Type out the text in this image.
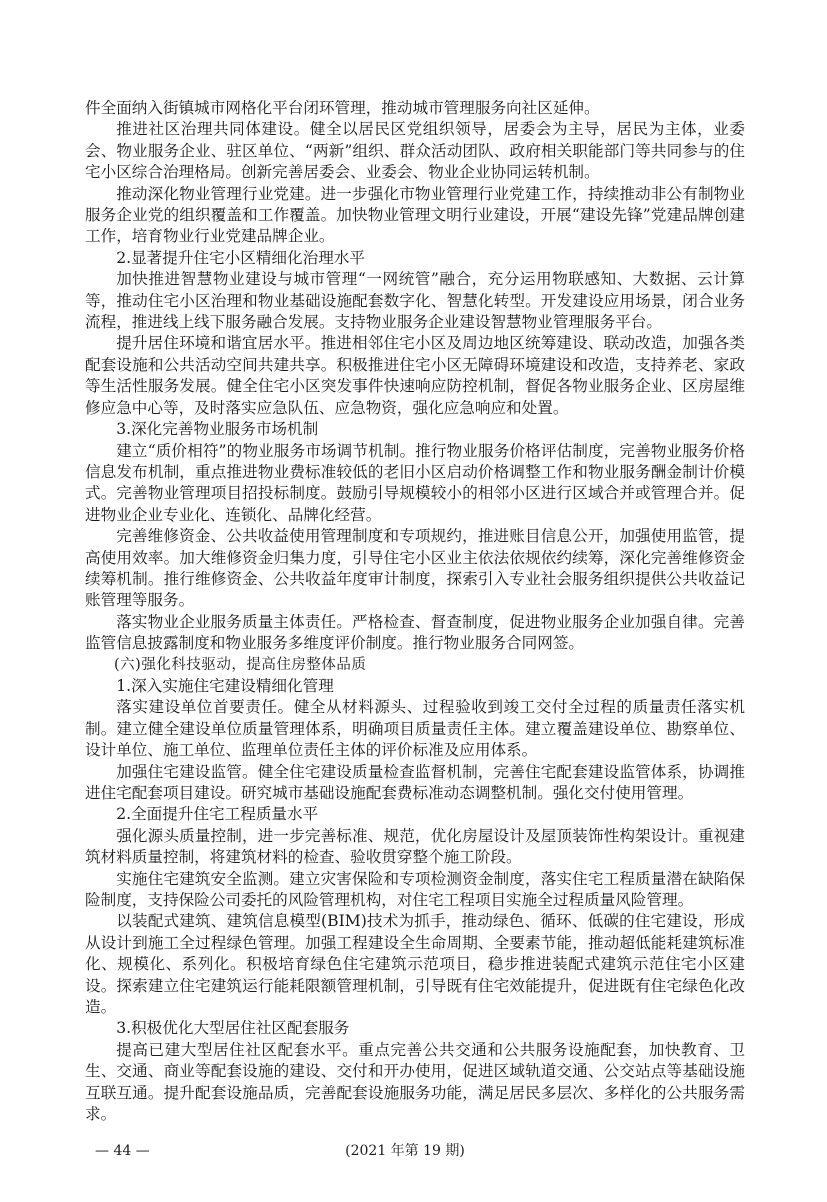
件全面纳入街镇城市网格化平台闭环管理，推动城市管理服务向社区延伸。

推进社区治理共同体建设。健全以居民区党组织领导，居委会为主导，居民为主体，业委会、物业服务企业、驻区单位、“两新”组织、群众活动团队、政府相关职能部门等共同参与的住宅小区综合治理格局。创新完善居委会、业委会、物业企业协同运转机制。

推动深化物业管理行业党建。进一步强化市物业管理行业党建工作，持续推动非公有制物业服务企业党的组织覆盖和工作覆盖。加快物业管理文明行业建设，开展“建设先锋”党建品牌创建工作，培育物业行业党建品牌企业。

2.显著提升住宅小区精细化治理水平

加快推进智慧物业建设与城市管理“一网统管”融合，充分运用物联感知、大数据、云计算等，推动住宅小区治理和物业基础设施配套数字化、智慧化转型。开发建设应用场景，闭合业务流程，推进线上线下服务融合发展。支持物业服务企业建设智慧物业管理服务平台。

提升居住环境和谐宜居水平。推进相邻住宅小区及周边地区统筹建设、联动改造，加强各类配套设施和公共活动空间共建共享。积极推进住宅小区无障碍环境建设和改造，支持养老、家政等生活性服务发展。健全住宅小区突发事件快速响应防控机制，督促各物业服务企业、区房屋维修应急中心等，及时落实应急队伍、应急物资，强化应急响应和处置。

3.深化完善物业服务市场机制

建立“质价相符”的物业服务市场调节机制。推行物业服务价格评估制度，完善物业服务价格信息发布机制，重点推进物业费标准较低的老旧小区启动价格调整工作和物业服务酬金制计价模式。完善物业管理项目招投标制度。鼓励引导规模较小的相邻小区进行区域合并或管理合并。促进物业企业专业化、连锁化、品牌化经营。

完善维修资金、公共收益使用管理制度和专项规约，推进账目信息公开，加强使用监管，提高使用效率。加大维修资金归集力度，引导住宅小区业主依法依规依约续筹，深化完善维修资金续筹机制。推行维修资金、公共收益年度审计制度，探索引入专业社会服务组织提供公共收益记账管理等服务。

落实物业企业服务质量主体责任。严格检查、督查制度，促进物业服务企业加强自律。完善监管信息披露制度和物业服务多维度评价制度。推行物业服务合同网签。

(六)强化科技驱动，提高住房整体品质

1.深入实施住宅建设精细化管理

落实建设单位首要责任。健全从材料源头、过程验收到竣工交付全过程的质量责任落实机制。建立健全建设单位质量管理体系，明确项目质量责任主体。建立覆盖建设单位、勘察单位、设计单位、施工单位、监理单位责任主体的评价标准及应用体系。

加强住宅建设监管。健全住宅建设质量检查监督机制，完善住宅配套建设监管体系，协调推进住宅配套项目建设。研究城市基础设施配套费标准动态调整机制。强化交付使用管理。

2.全面提升住宅工程质量水平

强化源头质量控制，进一步完善标准、规范，优化房屋设计及屋顶装饰性构架设计。重视建筑材料质量控制，将建筑材料的检查、验收贯穿整个施工阶段。

实施住宅建筑安全监测。建立灾害保险和专项检测资金制度，落实住宅工程质量潜在缺陷保险制度，支持保险公司委托的风险管理机构，对住宅工程项目实施全过程质量风险管理。

以装配式建筑、建筑信息模型(BIM)技术为抓手，推动绿色、循环、低碳的住宅建设，形成从设计到施工全过程绿色管理。加强工程建设全生命周期、全要素节能，推动超低能耗建筑标准化、规模化、系列化。积极培育绿色住宅建筑示范项目，稳步推进装配式建筑示范住宅小区建设。探索建立住宅建筑运行能耗限额管理机制，引导既有住宅效能提升，促进既有住宅绿色化改造。

3.积极优化大型居住社区配套服务

提高已建大型居住社区配套水平。重点完善公共交通和公共服务设施配套，加快教育、卫生、交通、商业等配套设施的建设、交付和开办使用，促进区域轨道交通、公交站点等基础设施互联互通。提升配套设施品质，完善配套设施服务功能，满足居民多层次、多样化的公共服务需求。

— 44 —	(2021 年第 19 期)
